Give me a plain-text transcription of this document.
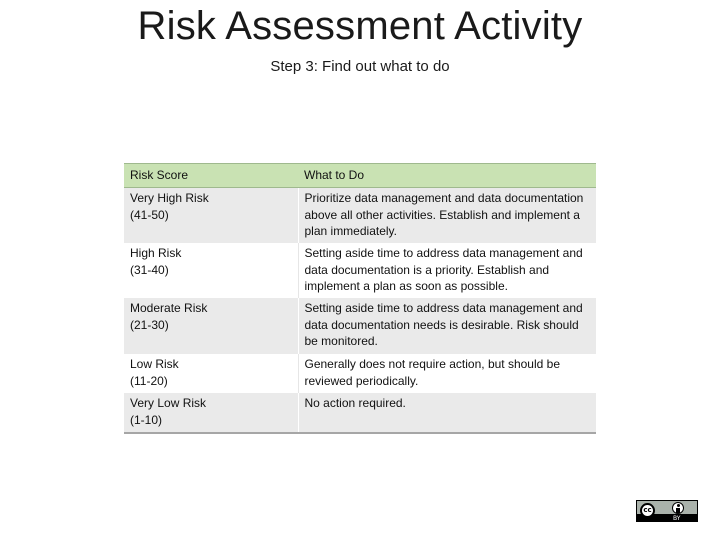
Risk Assessment Activity
Step 3: Find out what to do
Risk Score	What to Do

Very High Risk
(41-50)	Prioritize data management and data documentation above all other activities. Establish and implement a plan immediately.

High Risk
(31-40)	Setting aside time to address data management and data documentation is a priority. Establish and implement a plan as soon as possible.

Moderate Risk
(21-30)	Setting aside time to address data management and data documentation needs is desirable. Risk should be monitored.

Low Risk
(11-20)	Generally does not require action, but should be reviewed periodically.

Very Low Risk
(1-10)	No action required.
cc
BY
